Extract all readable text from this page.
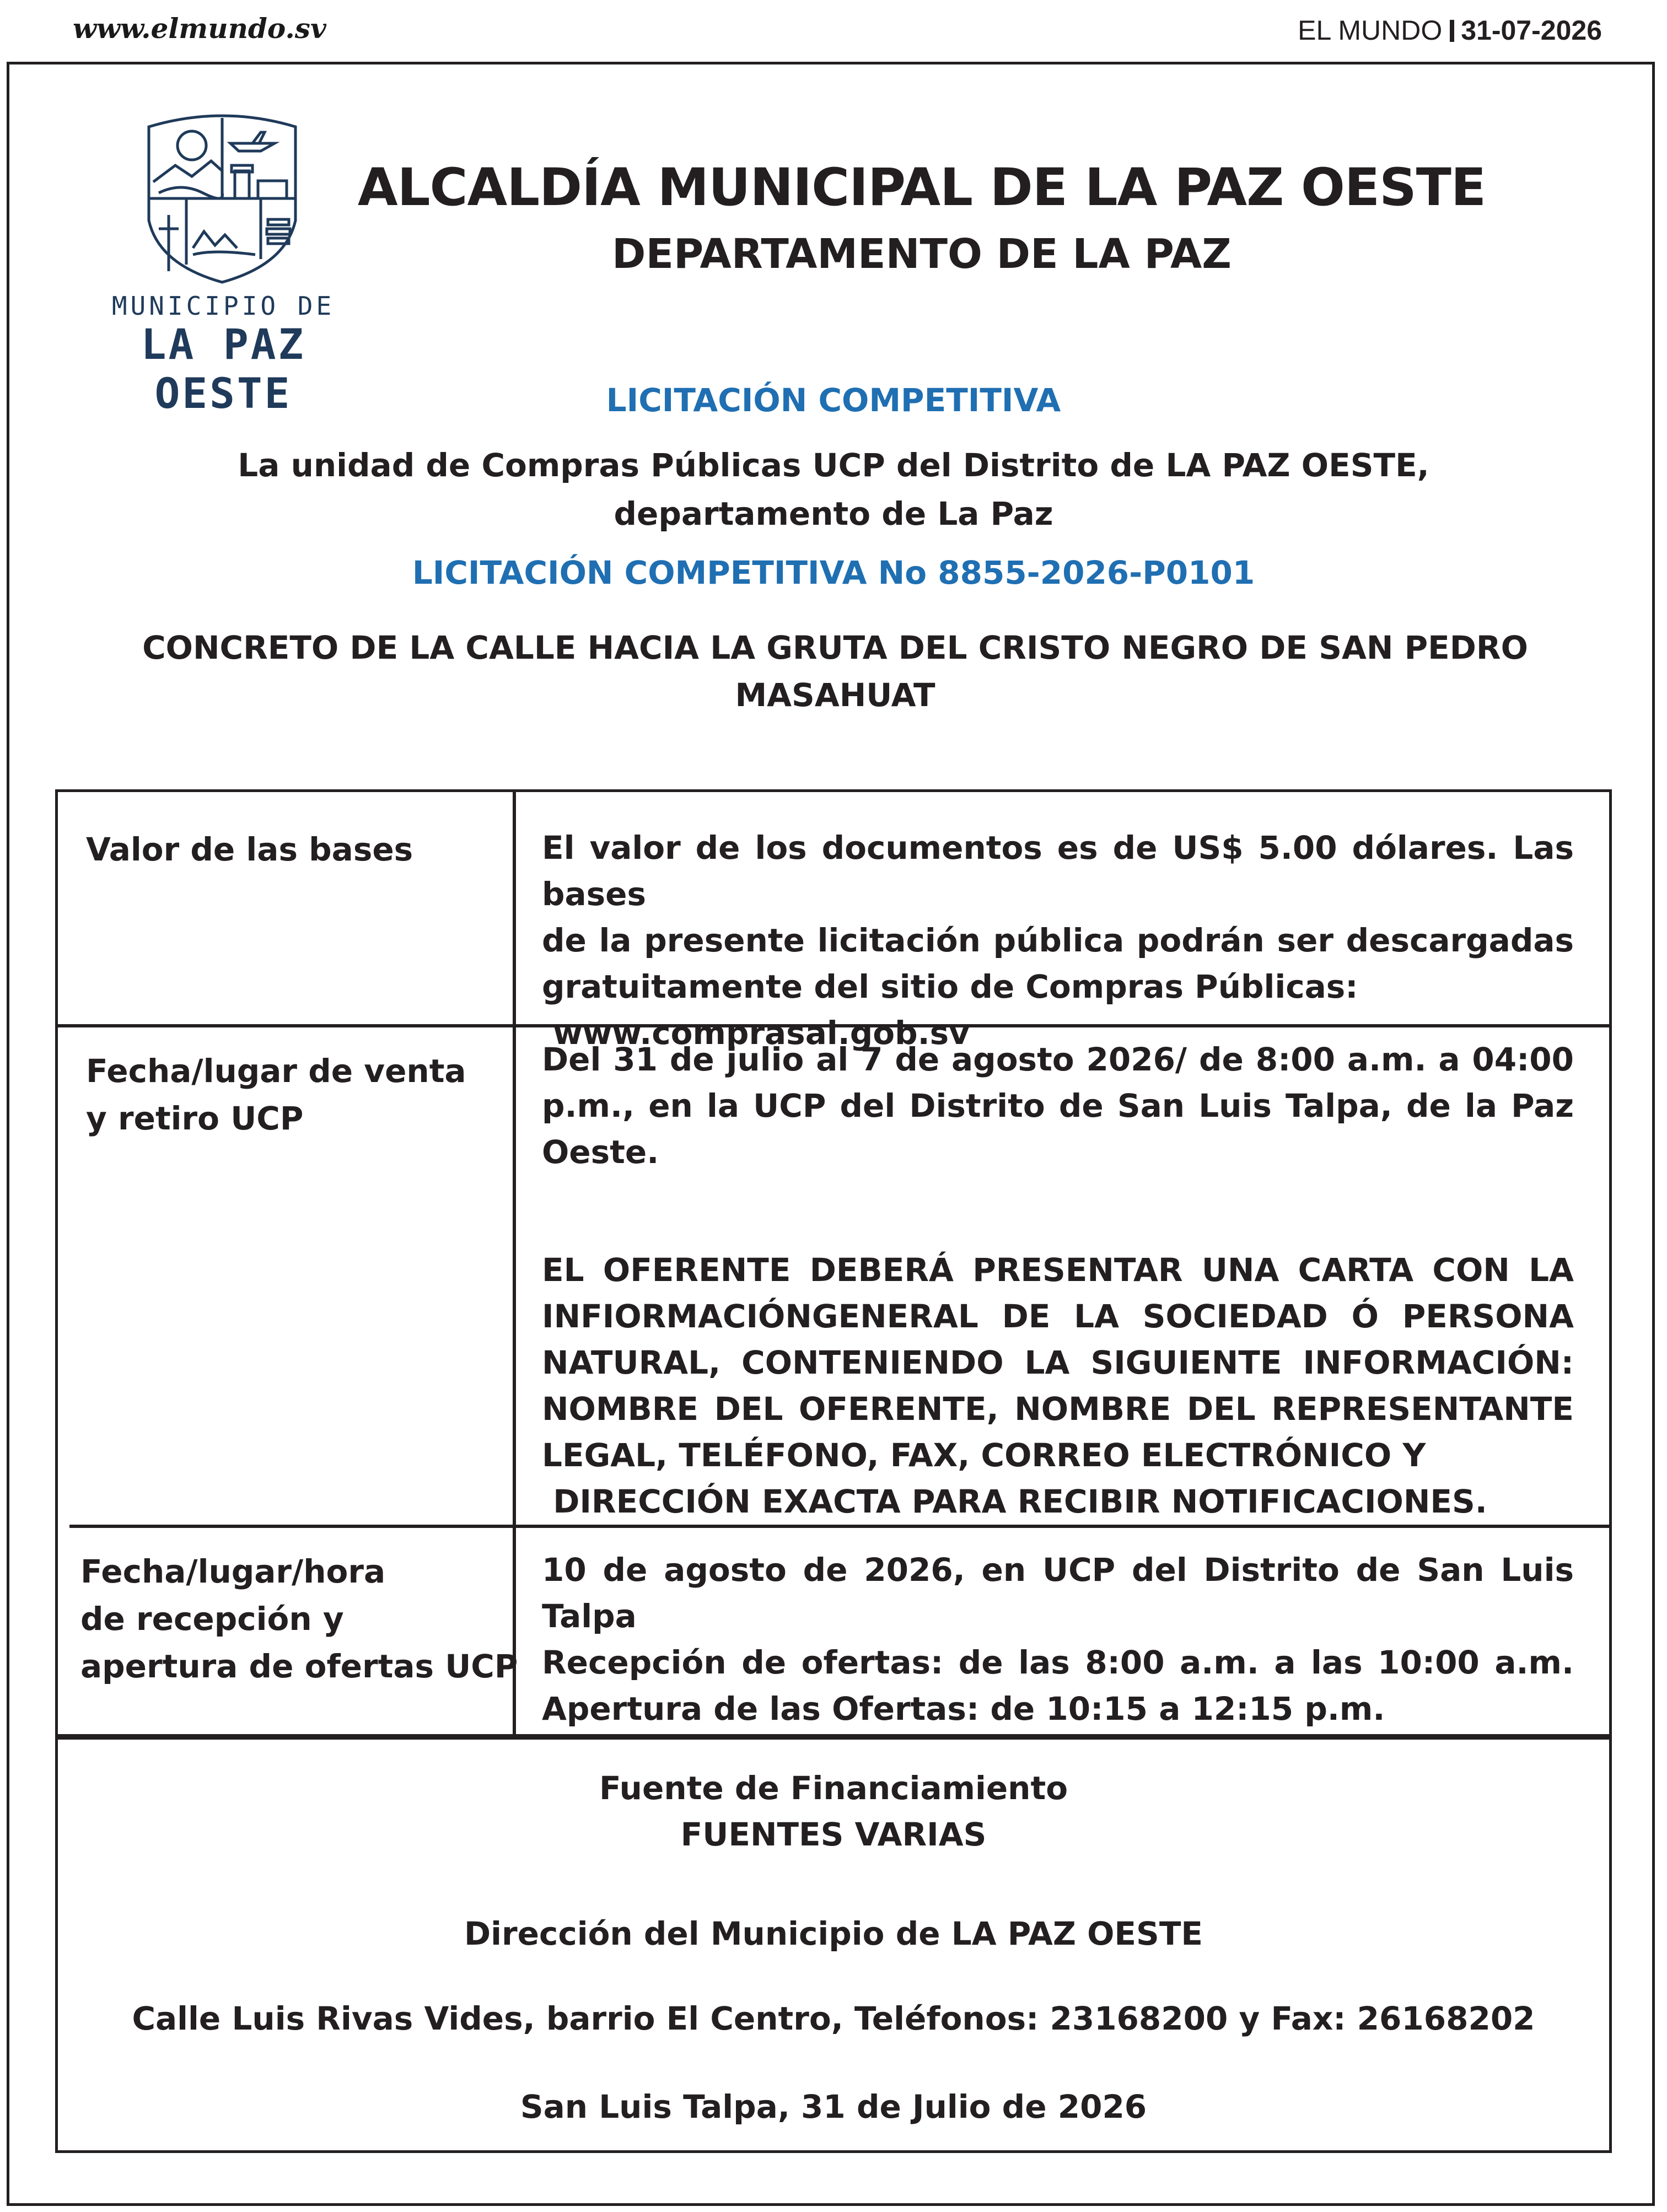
www.elmundo.sv	EL MUNDO 31-07-2026
MUNICIPIO DE
LA PAZ OESTE
ALCALDÍA MUNICIPAL DE LA PAZ OESTE
DEPARTAMENTO DE LA PAZ
LICITACIÓN COMPETITIVA
La unidad de Compras Públicas UCP del Distrito de LA PAZ OESTE,
departamento de La Paz
LICITACIÓN COMPETITIVA No 8855-2026-P0101
CONCRETO DE LA CALLE HACIA LA GRUTA DEL CRISTO NEGRO DE SAN PEDRO
MASAHUAT
Valor de las bases	El valor de los documentos es de US$ 5.00 dólares. Las bases
de la presente licitación pública podrán ser descargadas
gratuitamente del sitio de Compras Públicas:
www.comprasal.gob.sv
Fecha/lugar de venta
y retiro UCP
Del 31 de julio al 7 de agosto 2026/ de 8:00 a.m. a 04:00
p.m., en la UCP del Distrito de San Luis Talpa, de la Paz
Oeste.
EL OFERENTE DEBERÁ PRESENTAR UNA CARTA CON LA
INFIORMACIÓNGENERAL DE LA SOCIEDAD Ó PERSONA
NATURAL, CONTENIENDO LA SIGUIENTE INFORMACIÓN:
NOMBRE DEL OFERENTE, NOMBRE DEL REPRESENTANTE
LEGAL, TELÉFONO, FAX, CORREO ELECTRÓNICO Y
DIRECCIÓN EXACTA PARA RECIBIR NOTIFICACIONES.
Fecha/lugar/hora
de recepción y
apertura de ofertas UCP
10 de agosto de 2026, en UCP del Distrito de San Luis Talpa
Recepción de ofertas: de las 8:00 a.m. a las 10:00 a.m.
Apertura de las Ofertas: de 10:15 a 12:15 p.m.
Fuente de Financiamiento
FUENTES VARIAS
Dirección del Municipio de LA PAZ OESTE
Calle Luis Rivas Vides, barrio El Centro, Teléfonos: 23168200 y Fax: 26168202
San Luis Talpa, 31 de Julio de 2026
